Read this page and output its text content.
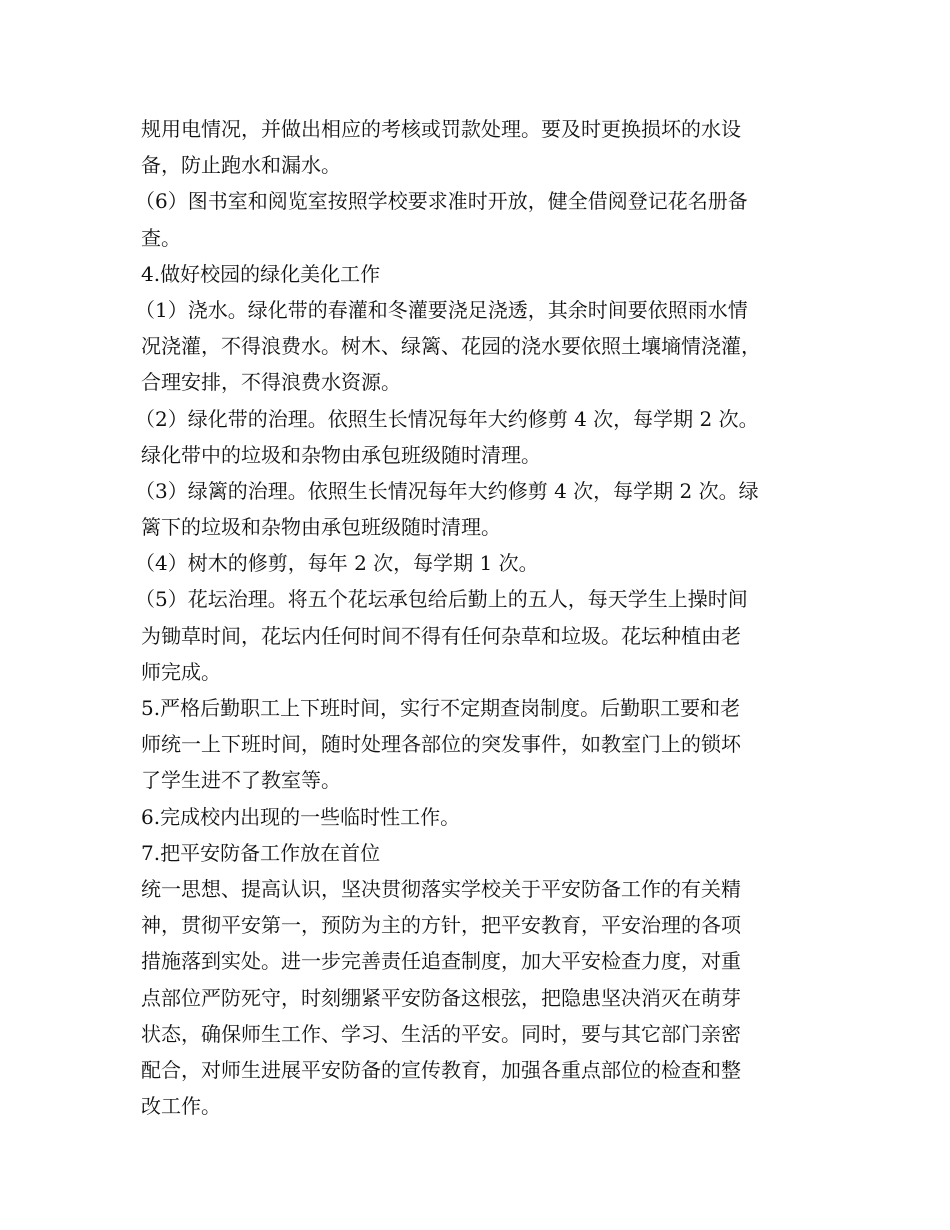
规用电情况，并做出相应的考核或罚款处理。要及时更换损坏的水设
备，防止跑水和漏水。
（6）图书室和阅览室按照学校要求准时开放，健全借阅登记花名册备
查。
4.做好校园的绿化美化工作
（1）浇水。绿化带的春灌和冬灌要浇足浇透，其余时间要依照雨水情
况浇灌，不得浪费水。树木、绿篱、花园的浇水要依照土壤墒情浇灌，
合理安排，不得浪费水资源。
（2）绿化带的治理。依照生长情况每年大约修剪 4 次，每学期 2 次。
绿化带中的垃圾和杂物由承包班级随时清理。
（3）绿篱的治理。依照生长情况每年大约修剪 4 次，每学期 2 次。绿
篱下的垃圾和杂物由承包班级随时清理。
（4）树木的修剪，每年 2 次，每学期 1 次。
（5）花坛治理。将五个花坛承包给后勤上的五人，每天学生上操时间
为锄草时间，花坛内任何时间不得有任何杂草和垃圾。花坛种植由老
师完成。
5.严格后勤职工上下班时间，实行不定期查岗制度。后勤职工要和老
师统一上下班时间，随时处理各部位的突发事件，如教室门上的锁坏
了学生进不了教室等。
6.完成校内出现的一些临时性工作。
7.把平安防备工作放在首位
统一思想、提高认识，坚决贯彻落实学校关于平安防备工作的有关精
神，贯彻平安第一，预防为主的方针，把平安教育，平安治理的各项
措施落到实处。进一步完善责任追查制度，加大平安检查力度，对重
点部位严防死守，时刻绷紧平安防备这根弦，把隐患坚决消灭在萌芽
状态，确保师生工作、学习、生活的平安。同时，要与其它部门亲密
配合，对师生进展平安防备的宣传教育，加强各重点部位的检查和整
改工作。
